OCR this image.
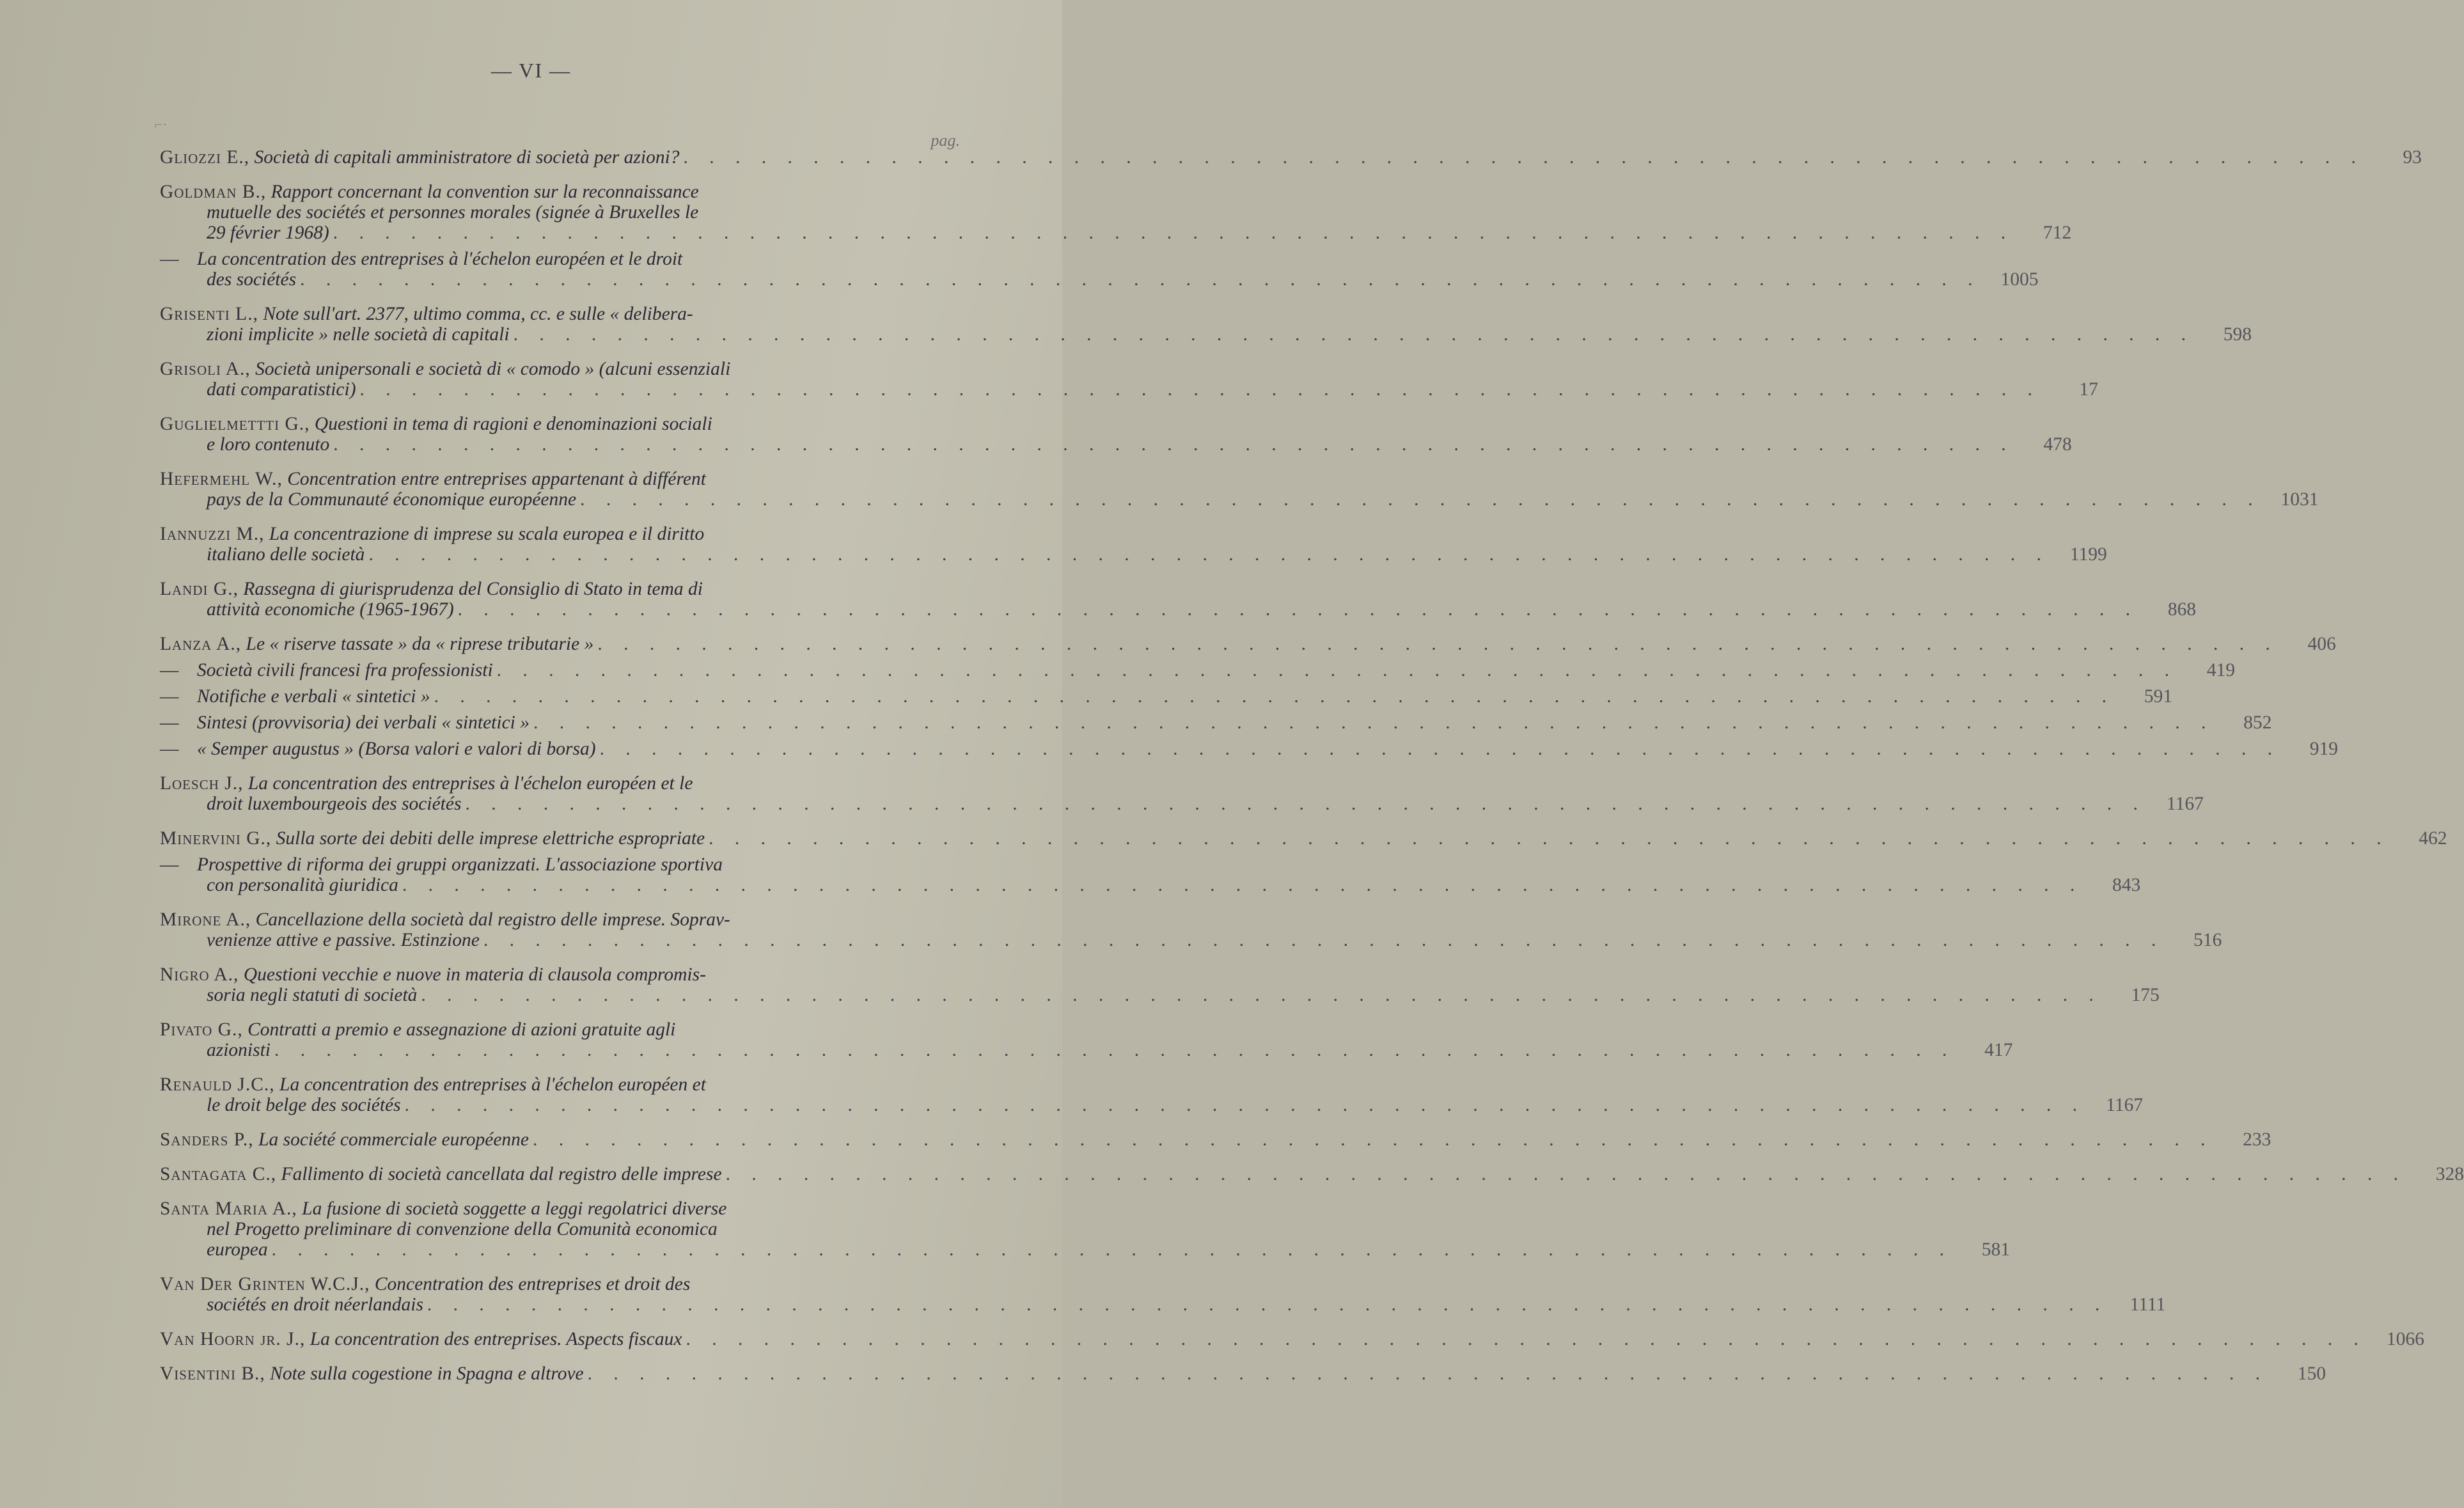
— VI —
⌐·
pag.
Gliozzi E., Società di capitali amministratore di società per azioni? . . . . . . . . . . . . . . . . . . . . . . . . . . . . . . . . . . . . . . . . . . . . . . . . . . . . . . . . . . . . . . . . .	93
Goldman B., Rapport concernant la convention sur la reconnaissance
mutuelle des sociétés et personnes morales (signée à Bruxelles le
29 février 1968) . . . . . . . . . . . . . . . . . . . . . . . . . . . . . . . . . . . . . . . . . . . . . . . . . . . . . . . . . . . . . . . . .	712
— La concentration des entreprises à l'échelon européen et le droit
des sociétés . . . . . . . . . . . . . . . . . . . . . . . . . . . . . . . . . . . . . . . . . . . . . . . . . . . . . . . . . . . . . . . . .	1005
Grisenti L., Note sull'art. 2377, ultimo comma, cc. e sulle « delibera-
zioni implicite » nelle società di capitali . . . . . . . . . . . . . . . . . . . . . . . . . . . . . . . . . . . . . . . . . . . . . . . . . . . . . . . . . . . . . . . . .	598
Grisoli A., Società unipersonali e società di « comodo » (alcuni essenziali
dati comparatistici) . . . . . . . . . . . . . . . . . . . . . . . . . . . . . . . . . . . . . . . . . . . . . . . . . . . . . . . . . . . . . . . . .	17
Guglielmettti G., Questioni in tema di ragioni e denominazioni sociali
e loro contenuto . . . . . . . . . . . . . . . . . . . . . . . . . . . . . . . . . . . . . . . . . . . . . . . . . . . . . . . . . . . . . . . . .	478
Hefermehl W., Concentration entre entreprises appartenant à différent
pays de la Communauté économique européenne . . . . . . . . . . . . . . . . . . . . . . . . . . . . . . . . . . . . . . . . . . . . . . . . . . . . . . . . . . . . . . . . .	1031
Iannuzzi M., La concentrazione di imprese su scala europea e il diritto
italiano delle società . . . . . . . . . . . . . . . . . . . . . . . . . . . . . . . . . . . . . . . . . . . . . . . . . . . . . . . . . . . . . . . . .	1199
Landi G., Rassegna di giurisprudenza del Consiglio di Stato in tema di
attività economiche (1965-1967) . . . . . . . . . . . . . . . . . . . . . . . . . . . . . . . . . . . . . . . . . . . . . . . . . . . . . . . . . . . . . . . . .	868
Lanza A., Le « riserve tassate » da « riprese tributarie » . . . . . . . . . . . . . . . . . . . . . . . . . . . . . . . . . . . . . . . . . . . . . . . . . . . . . . . . . . . . . . . . .	406
— Società civili francesi fra professionisti . . . . . . . . . . . . . . . . . . . . . . . . . . . . . . . . . . . . . . . . . . . . . . . . . . . . . . . . . . . . . . . . .	419
— Notifiche e verbali « sintetici » . . . . . . . . . . . . . . . . . . . . . . . . . . . . . . . . . . . . . . . . . . . . . . . . . . . . . . . . . . . . . . . . .	591
— Sintesi (provvisoria) dei verbali « sintetici » . . . . . . . . . . . . . . . . . . . . . . . . . . . . . . . . . . . . . . . . . . . . . . . . . . . . . . . . . . . . . . . . .	852
— « Semper augustus » (Borsa valori e valori di borsa) . . . . . . . . . . . . . . . . . . . . . . . . . . . . . . . . . . . . . . . . . . . . . . . . . . . . . . . . . . . . . . . . .	919
Loesch J., La concentration des entreprises à l'échelon européen et le
droit luxembourgeois des sociétés . . . . . . . . . . . . . . . . . . . . . . . . . . . . . . . . . . . . . . . . . . . . . . . . . . . . . . . . . . . . . . . . .	1167
Minervini G., Sulla sorte dei debiti delle imprese elettriche espropriate . . . . . . . . . . . . . . . . . . . . . . . . . . . . . . . . . . . . . . . . . . . . . . . . . . . . . . . . . . . . . . . . .	462
— Prospettive di riforma dei gruppi organizzati. L'associazione sportiva
con personalità giuridica . . . . . . . . . . . . . . . . . . . . . . . . . . . . . . . . . . . . . . . . . . . . . . . . . . . . . . . . . . . . . . . . .	843
Mirone A., Cancellazione della società dal registro delle imprese. Soprav-
venienze attive e passive. Estinzione . . . . . . . . . . . . . . . . . . . . . . . . . . . . . . . . . . . . . . . . . . . . . . . . . . . . . . . . . . . . . . . . .	516
Nigro A., Questioni vecchie e nuove in materia di clausola compromis-
soria negli statuti di società . . . . . . . . . . . . . . . . . . . . . . . . . . . . . . . . . . . . . . . . . . . . . . . . . . . . . . . . . . . . . . . . .	175
Pivato G., Contratti a premio e assegnazione di azioni gratuite agli
azionisti . . . . . . . . . . . . . . . . . . . . . . . . . . . . . . . . . . . . . . . . . . . . . . . . . . . . . . . . . . . . . . . . .	417
Renauld J.C., La concentration des entreprises à l'échelon européen et
le droit belge des sociétés . . . . . . . . . . . . . . . . . . . . . . . . . . . . . . . . . . . . . . . . . . . . . . . . . . . . . . . . . . . . . . . . .	1167
Sanders P., La société commerciale européenne . . . . . . . . . . . . . . . . . . . . . . . . . . . . . . . . . . . . . . . . . . . . . . . . . . . . . . . . . . . . . . . . .	233
Santagata C., Fallimento di società cancellata dal registro delle imprese . . . . . . . . . . . . . . . . . . . . . . . . . . . . . . . . . . . . . . . . . . . . . . . . . . . . . . . . . . . . . . . . .	328
Santa Maria A., La fusione di società soggette a leggi regolatrici diverse
nel Progetto preliminare di convenzione della Comunità economica
europea . . . . . . . . . . . . . . . . . . . . . . . . . . . . . . . . . . . . . . . . . . . . . . . . . . . . . . . . . . . . . . . . .	581
Van Der Grinten W.C.J., Concentration des entreprises et droit des
sociétés en droit néerlandais . . . . . . . . . . . . . . . . . . . . . . . . . . . . . . . . . . . . . . . . . . . . . . . . . . . . . . . . . . . . . . . . .	1111
Van Hoorn jr. J., La concentration des entreprises. Aspects fiscaux . . . . . . . . . . . . . . . . . . . . . . . . . . . . . . . . . . . . . . . . . . . . . . . . . . . . . . . . . . . . . . . . .	1066
Visentini B., Note sulla cogestione in Spagna e altrove . . . . . . . . . . . . . . . . . . . . . . . . . . . . . . . . . . . . . . . . . . . . . . . . . . . . . . . . . . . . . . . . .	150
